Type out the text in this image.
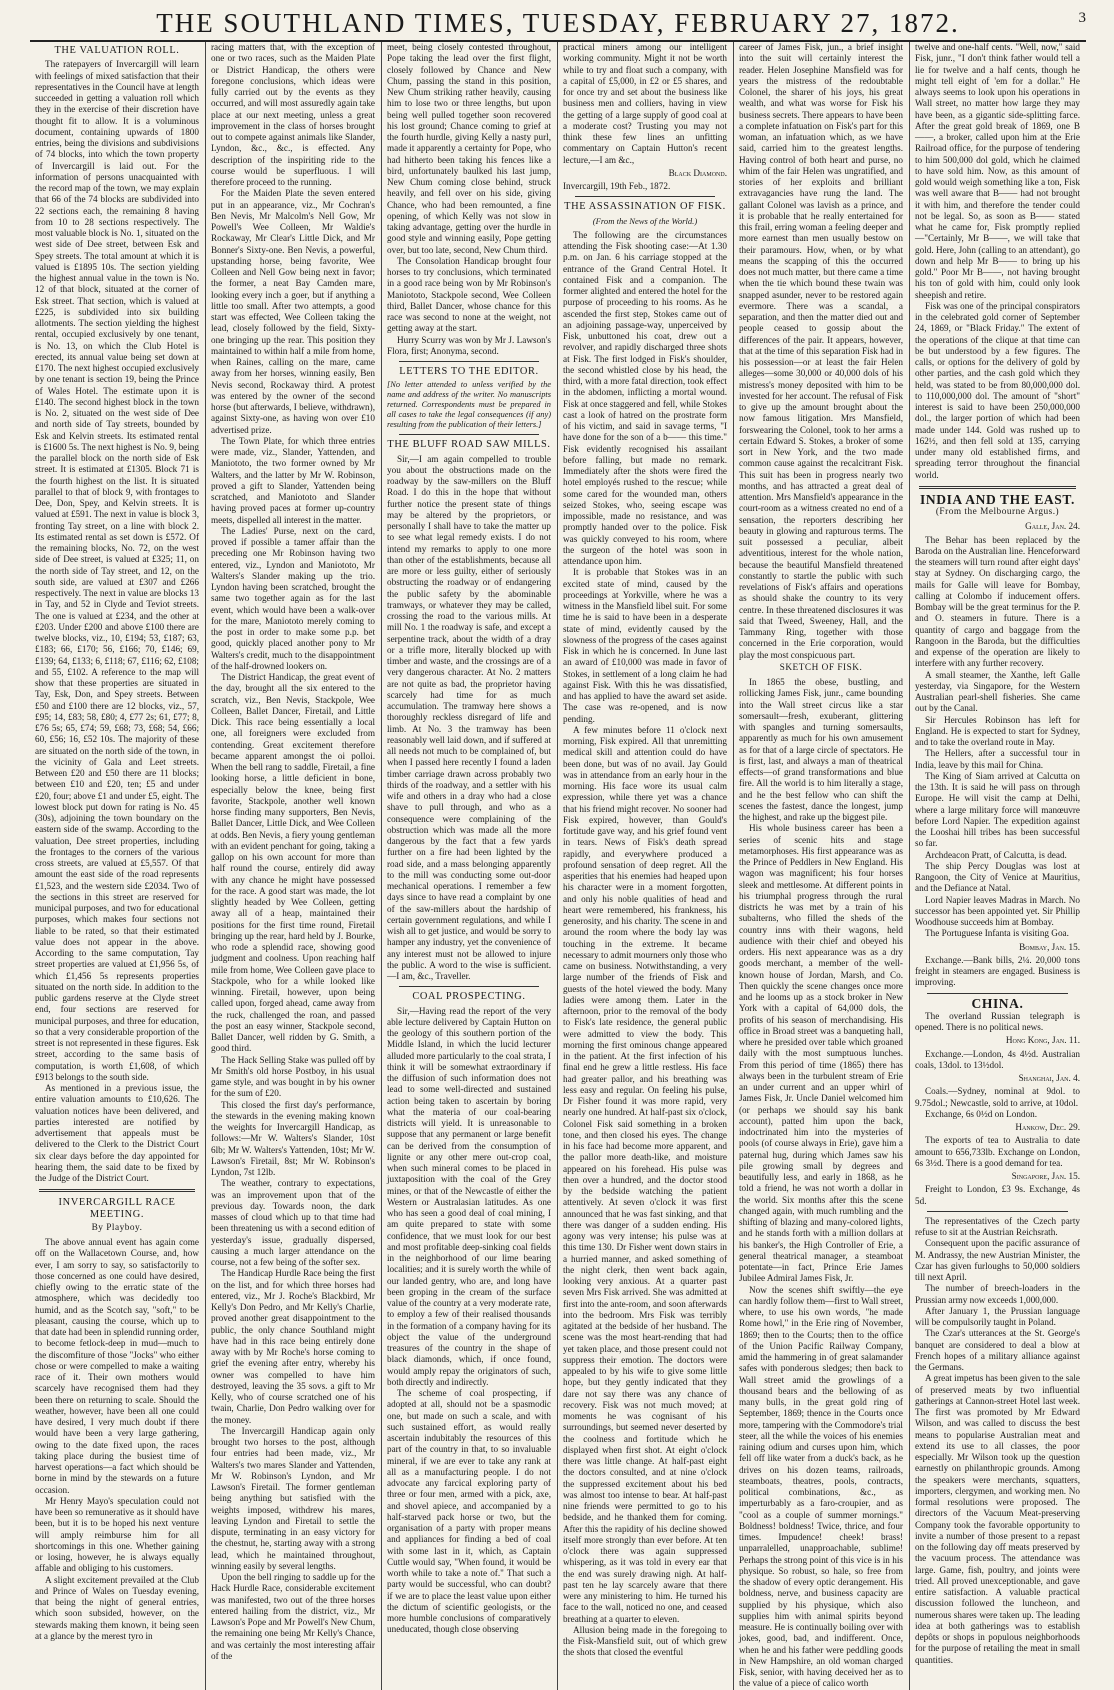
THE SOUTHLAND TIMES, TUESDAY, FEBRUARY 27, 1872.	3
THE VALUATION ROLL.

The ratepayers of Invercargill will learn with feelings of mixed satisfaction that their representatives in the Council have at length succeeded in getting a valuation roll which they in the exercise of their discretion have thought fit to allow. It is a voluminous document, containing upwards of 1800 entries, being the divisions and subdivisions of 74 blocks, into which the town property of Invercargill is laid out. For the information of persons unacquainted with the record map of the town, we may explain that 66 of the 74 blocks are subdivided into 22 sections each, the remaining 8 having from 10 to 28 sections respectively. The most valuable block is No. 1, situated on the west side of Dee street, between Esk and Spey streets. The total amount at which it is valued is £1895 10s. The section yielding the highest annual value in the town is No. 12 of that block, situated at the corner of Esk street. That section, which is valued at £225, is subdivided into six building allotments. The section yielding the highest rental, occupied exclusively by one tenant, is No. 13, on which the Club Hotel is erected, its annual value being set down at £170. The next highest occupied exclusively by one tenant is section 19, being the Prince of Wales Hotel. The estimate upon it is £140. The second highest block in the town is No. 2, situated on the west side of Dee and north side of Tay streets, bounded by Esk and Kelvin streets. Its estimated rental is £1600 5s. The next highest is No. 9, being the parallel block on the north side of Esk street. It is estimated at £1305. Block 71 is the fourth highest on the list. It is situated parallel to that of block 9, with frontages to Dee, Don, Spey, and Kelvin streets. It is valued at £591. The next in value is block 3, fronting Tay street, on a line with block 2. Its estimated rental as set down is £572. Of the remaining blocks, No. 72, on the west side of Dee street, is valued at £325; 11, on the north side of Tay street, and 12, on the south side, are valued at £307 and £266 respectively. The next in value are blocks 13 in Tay, and 52 in Clyde and Teviot streets. The one is valued at £234, and the other at £203. Under £200 and above £100 there are twelve blocks, viz., 10, £194; 53, £187; 63, £183; 66, £170; 56, £166; 70, £146; 69, £139; 64, £133; 6, £118; 67, £116; 62, £108; and 55, £102. A reference to the map will show that these properties are situated in Tay, Esk, Don, and Spey streets. Between £50 and £100 there are 12 blocks, viz., 57, £95; 14, £83; 58, £80; 4, £77 2s; 61, £77; 8, £76 5s; 65, £74; 59, £68; 73, £68; 54, £66; 60, £56; 16, £52 10s. The majority of these are situated on the north side of the town, in the vicinity of Gala and Leet streets. Between £20 and £50 there are 11 blocks; between £10 and £20, ten; £5 and under £20, four; above £1 and under £5, eight. The lowest block put down for rating is No. 45 (30s), adjoining the town boundary on the eastern side of the swamp. According to the valuation, Dee street properties, including the frontages to the corners of the various cross streets, are valued at £5,557. Of that amount the east side of the road represents £1,523, and the western side £2034. Two of the sections in this street are reserved for municipal purposes, and two for educational purposes, which makes four sections not liable to be rated, so that their estimated value does not appear in the above. According to the same computation, Tay street properties are valued at £1,956 5s, of which £1,456 5s represents properties situated on the north side. In addition to the public gardens reserve at the Clyde street end, four sections are reserved for municipal purposes, and three for education, so that a very considerable proportion of the street is not represented in these figures. Esk street, according to the same basis of computation, is worth £1,608, of which £913 belongs to the south side.

As mentioned in a previous issue, the entire valuation amounts to £10,626. The valuation notices have been delivered, and parties interested are notified by advertisement that appeals must be delivered to the Clerk to the District Court six clear days before the day appointed for hearing them, the said date to be fixed by the Judge of the District Court.

INVERCARGILL RACE MEETING.
By Playboy.

The above annual event has again come off on the Wallacetown Course, and, how ever, I am sorry to say, so satisfactorily to those concerned as one could have desired, chiefly owing to the erratic state of the atmosphere, which was decidedly too humid, and as the Scotch say, "soft," to be pleasant, causing the course, which up to that date had been in splendid running order, to become fetlock-deep in mud—much to the discomfiture of those "Jocks" who either chose or were compelled to make a waiting race of it. Their own mothers would scarcely have recognised them had they been there on returning to scale. Should the weather, however, have been all one could have desired, I very much doubt if there would have been a very large gathering, owing to the date fixed upon, the races taking place during the busiest time of harvest operations—a fact which should be borne in mind by the stewards on a future occasion.

Mr Henry Mayo's speculation could not have been so remunerative as it should have been, but it is to be hoped his next venture will amply reimburse him for all shortcomings in this one. Whether gaining or losing, however, he is always equally affable and obliging to his customers.

A slight excitement prevailed at the Club and Prince of Wales on Tuesday evening, that being the night of general entries, which soon subsided, however, on the stewards making them known, it being seen at a glance by the merest tyro in

racing matters that, with the exception of one or two races, such as the Maiden Plate or District Handicap, the others were foregone conclusions, which ideas were fully carried out by the events as they occurred, and will most assuredly again take place at our next meeting, unless a great improvement in the class of horses brought out to compete against animals like Slander, Lyndon, &c., &c., is effected. Any description of the inspiriting ride to the course would be superfluous. I will therefore proceed to the running.

For the Maiden Plate the seven entered put in an appearance, viz., Mr Cochran's Ben Nevis, Mr Malcolm's Nell Gow, Mr Powell's Wee Colleen, Mr Waldie's Rockaway, Mr Clear's Little Dick, and Mr Bonner's Sixty-one. Ben Nevis, a powerful, upstanding horse, being favorite, Wee Colleen and Nell Gow being next in favor; the former, a neat Bay Camden mare, looking every inch a goer, but if anything a little too small. After two attempts, a good start was effected, Wee Colleen taking the lead, closely followed by the field, Sixty-one bringing up the rear. This position they maintained to within half a mile from home, when Raines, calling on the mare, came away from her horses, winning easily, Ben Nevis second, Rockaway third. A protest was entered by the owner of the second horse (but afterwards, I believe, withdrawn), against Sixty-one, as having won over £10 advertised prize.

The Town Plate, for which three entries were made, viz., Slander, Yattenden, and Maniototo, the two former owned by Mr Walters, and the latter by Mr W. Robinson, proved a gift to Slander, Yattenden being scratched, and Maniototo and Slander having proved paces at former up-country meets, dispelled all interest in the matter.

The Ladies' Purse, next on the card, proved if possible a tamer affair than the preceding one Mr Robinson having two entered, viz., Lyndon and Maniototo, Mr Walters's Slander making up the trio. Lyndon having been scratched, brought the same two together again as for the last event, which would have been a walk-over for the mare, Maniototo merely coming to the post in order to make some p.p. bet good, quickly placed another pony to Mr Walters's credit, much to the disappointment of the half-drowned lookers on.

The District Handicap, the great event of the day, brought all the six entered to the scratch, viz., Ben Nevis, Stackpole, Wee Colleen, Ballet Dancer, Firetail, and Little Dick. This race being essentially a local one, all foreigners were excluded from contending. Great excitement therefore became apparent amongst the oi polloi. When the bell rang to saddle, Firetail, a fine looking horse, a little deficient in bone, especially below the knee, being first favorite, Stackpole, another well known horse finding many supporters, Ben Nevis, Ballet Dancer, Little Dick, and Wee Colleen at odds. Ben Nevis, a fiery young gentleman with an evident penchant for going, taking a gallop on his own account for more than half round the course, entirely did away with any chance he might have possessed for the race. A good start was made, the lot slightly headed by Wee Colleen, getting away all of a heap, maintained their positions for the first time round, Firetail bringing up the rear, hard held by J. Bourke, who rode a splendid race, showing good judgment and coolness. Upon reaching half mile from home, Wee Colleen gave place to Stackpole, who for a while looked like winning. Firetail, however, upon being called upon, forged ahead, came away from the ruck, challenged the roan, and passed the post an easy winner, Stackpole second, Ballet Dancer, well ridden by G. Smith, a good third.

The Hack Selling Stake was pulled off by Mr Smith's old horse Postboy, in his usual game style, and was bought in by his owner for the sum of £20.

This closed the first day's performance, the stewards in the evening making known the weights for Invercargill Handicap, as follows:—Mr W. Walters's Slander, 10st 6lb; Mr W. Walters's Yattenden, 10st; Mr W. Lawson's Firetail, 8st; Mr W. Robinson's Lyndon, 7st 12lb.

The weather, contrary to expectations, was an improvement upon that of the previous day. Towards noon, the dark masses of cloud which up to that time had been threatening us with a second edition of yesterday's issue, gradually dispersed, causing a much larger attendance on the course, not a few being of the softer sex.

The Handicap Hurdle Race being the first on the list, and for which three horses had entered, viz., Mr J. Roche's Blackbird, Mr Kelly's Don Pedro, and Mr Kelly's Charlie, proved another great disappointment to the public, the only chance Southland might have had in this race being entirely done away with by Mr Roche's horse coming to grief the evening after entry, whereby his owner was compelled to have him destroyed, leaving the 35 sovs. a gift to Mr Kelly, who of course scratched one of his twain, Charlie, Don Pedro walking over for the money.

The Invercargill Handicap again only brought two horses to the post, although four entries had been made, viz., Mr Walters's two mares Slander and Yattenden, Mr W. Robinson's Lyndon, and Mr Lawson's Firetail. The former gentleman being anything but satisfied with the weights imposed, withdrew his mares, leaving Lyndon and Firetail to settle the dispute, terminating in an easy victory for the chestnut, he, starting away with a strong lead, which he maintained throughout, winning easily by several lengths.

Upon the bell ringing to saddle up for the Hack Hurdle Race, considerable excitement was manifested, two out of the three horses entered hailing from the district, viz., Mr Lawson's Pope and Mr Powell's New Chum, the remaining one being Mr Kelly's Chance, and was certainly the most interesting affair of the

meet, being closely contested throughout, Pope taking the lead over the first flight, closely followed by Chance and New Chum, passing the stand in this position, New Chum striking rather heavily, causing him to lose two or three lengths, but upon being well pulled together soon recovered his lost ground; Chance coming to grief at the fourth hurdle, giving Kelly a nasty purl, made it apparently a certainty for Pope, who had hitherto been taking his fences like a bird, unfortunately baulked his last jump, New Chum coming close behind, struck heavily, and fell over on his side, giving Chance, who had been remounted, a fine opening, of which Kelly was not slow in taking advantage, getting over the hurdle in good style and winning easily, Pope getting over, but too late, second, New Chum third.

The Consolation Handicap brought four horses to try conclusions, which terminated in a good race being won by Mr Robinson's Maniototo, Stackpole second, Wee Colleen third, Ballet Dancer, whose chance for this race was second to none at the weight, not getting away at the start.

Hurry Scurry was won by Mr J. Lawson's Flora, first; Anonyma, second.

LETTERS TO THE EDITOR.
[No letter attended to unless verified by the name and address of the writer. No manuscripts returned. Correspondents must be prepared in all cases to take the legal consequences (if any) resulting from the publication of their letters.]
THE BLUFF ROAD SAW MILLS.

Sir,—I am again compelled to trouble you about the obstructions made on the roadway by the saw-millers on the Bluff Road. I do this in the hope that without further notice the present state of things may be altered by the proprietors, or personally I shall have to take the matter up to see what legal remedy exists. I do not intend my remarks to apply to one more than other of the establishments, because all are more or less guilty, either of seriously obstructing the roadway or of endangering the public safety by the abominable tramways, or whatever they may be called, crossing the road to the various mills. At mill No. 1 the roadway is safe, and except a serpentine track, about the width of a dray or a trifle more, literally blocked up with timber and waste, and the crossings are of a very dangerous character. At No. 2 matters are not quite as bad, the proprietor having scarcely had time for as much accumulation. The tramway here shows a thoroughly reckless disregard of life and limb. At No. 3 the tramway has been reasonably well laid down, and if suffered at all needs not much to be complained of, but when I passed here recently I found a laden timber carriage drawn across probably two thirds of the roadway, and a settler with his wife and others in a dray who had a close shave to pull through, and who as a consequence were complaining of the obstruction which was made all the more dangerous by the fact that a few yards further on a fire had been lighted by the road side, and a mass belonging apparently to the mill was conducting some out-door mechanical operations. I remember a few days since to have read a complaint by one of the saw-millers about the hardship of certain government regulations, and while I wish all to get justice, and would be sorry to hamper any industry, yet the convenience of any interest must not be allowed to injure the public. A word to the wise is sufficient.—I am, &c., Traveller.

COAL PROSPECTING.

Sir,—Having read the report of the very able lecture delivered by Captain Hutton on the geology of this southern portion of the Middle Island, in which the lucid lecturer alluded more particularly to the coal strata, I think it will be somewhat extraordinary if the diffusion of such information does not lead to some well-directed and sustained action being taken to ascertain by boring what the materia of our coal-bearing districts will yield. It is unreasonable to suppose that any permanent or large benefit can be derived from the consumption of lignite or any other mere out-crop coal, when such mineral comes to be placed in juxtaposition with the coal of the Grey mines, or that of the Newcastle of either the Western or Australasian latitudes. As one who has seen a good deal of coal mining, I am quite prepared to state with some confidence, that we must look for our best and most profitable deep-sinking coal fields in the neighborhood of our lime bearing localities; and it is surely worth the while of our landed gentry, who are, and long have been groping in the cream of the surface value of the country at a very moderate rate, to employ a few of their realised thousands in the formation of a company having for its object the value of the underground treasures of the country in the shape of black diamonds, which, if once found, would amply repay the originators of such, both directly and indirectly.

The scheme of coal prospecting, if adopted at all, should not be a spasmodic one, but made on such a scale, and with such sustained effort, as would really ascertain indubitably the resources of this part of the country in that, to so invaluable mineral, if we are ever to take any rank at all as a manufacturing people. I do not advocate any farcical exploring party of three or four men, armed with a pick, axe, and shovel apiece, and accompanied by a half-starved pack horse or two, but the organisation of a party with proper means and appliances for finding a bed of coal with some last in it, which, as Captain Cuttle would say, "When found, it would be worth while to take a note of." That such a party would be successful, who can doubt? if we are to place the least value upon either the dictum of scientific geologists, or the more humble conclusions of comparatively uneducated, though close observing

practical miners among our intelligent working community. Might it not be worth while to try and float such a company, with a capital of £5,000, in £2 or £5 shares, and for once try and set about the business like business men and colliers, having in view the getting of a large supply of good coal at a moderate cost? Trusting you may not think these few lines an unfitting commentary on Captain Hutton's recent lecture,—I am &c.,

Black Diamond.

Invercargill, 19th Feb., 1872.

THE ASSASSINATION OF FISK.
(From the News of the World.)

The following are the circumstances attending the Fisk shooting case:—At 1.30 p.m. on Jan. 6 his carriage stopped at the entrance of the Grand Central Hotel. It contained Fisk and a companion. The former alighted and entered the hotel for the purpose of proceeding to his rooms. As he ascended the first step, Stokes came out of an adjoining passage-way, unperceived by Fisk, unbuttoned his coat, drew out a revolver, and rapidly discharged three shots at Fisk. The first lodged in Fisk's shoulder, the second whistled close by his head, the third, with a more fatal direction, took effect in the abdomen, inflicting a mortal wound. Fisk at once staggered and fell, while Stokes cast a look of hatred on the prostrate form of his victim, and said in savage terms, "I have done for the son of a b—— this time." Fisk evidently recognised his assailant before falling, but made no remark. Immediately after the shots were fired the hotel employés rushed to the rescue; while some cared for the wounded man, others seized Stokes, who, seeing escape was impossible, made no resistance, and was promptly handed over to the police. Fisk was quickly conveyed to his room, where the surgeon of the hotel was soon in attendance upon him.

It is probable that Stokes was in an excited state of mind, caused by the proceedings at Yorkville, where he was a witness in the Mansfield libel suit. For some time he is said to have been in a desperate state of mind, evidently caused by the slowness of the progress of the cases against Fisk in which he is concerned. In June last an award of £10,000 was made in favor of Stokes, in settlement of a long claim he had against Fisk. With this he was dissatisfied, and has applied to have the award set aside. The case was re-opened, and is now pending.

A few minutes before 11 o'clock next morning, Fisk expired. All that unremitting medical skill and attention could do have been done, but was of no avail. Jay Gould was in attendance from an early hour in the morning. His face wore its usual calm expression, while there yet was a chance that his friend might recover. No sooner had Fisk expired, however, than Gould's fortitude gave way, and his grief found vent in tears. News of Fisk's death spread rapidly, and everywhere produced a profound sensation of deep regret. All the asperities that his enemies had heaped upon his character were in a moment forgotten, and only his noble qualities of head and heart were remembered, his frankness, his generosity, and his charity. The scene in and around the room where the body lay was touching in the extreme. It became necessary to admit mourners only those who came on business. Notwithstanding, a very large number of the friends of Fisk and guests of the hotel viewed the body. Many ladies were among them. Later in the afternoon, prior to the removal of the body to Fisk's late residence, the general public were admitted to view the body. This morning the first ominous change appeared in the patient. At the first infection of his final end he grew a little restless. His face had greater pallor, and his breathing was less easy and regular. On feeling his pulse, Dr Fisher found it was more rapid, very nearly one hundred. At half-past six o'clock, Colonel Fisk said something in a broken tone, and then closed his eyes. The change in his face had become more apparent, and the pallor more death-like, and moisture appeared on his forehead. His pulse was then over a hundred, and the doctor stood by the bedside watching the patient attentively. At seven o'clock it was first announced that he was fast sinking, and that there was danger of a sudden ending. His agony was very intense; his pulse was at this time 130. Dr Fisher went down stairs in a hurried manner, and asked something of the night clerk, then went back again, looking very anxious. At a quarter past seven Mrs Fisk arrived. She was admitted at first into the ante-room, and soon afterwards into the bedroom. Mrs Fisk was terribly agitated at the bedside of her husband. The scene was the most heart-rending that had yet taken place, and those present could not suppress their emotion. The doctors were appealed to by his wife to give some little hope, but they gently indicated that they dare not say there was any chance of recovery. Fisk was not much moved; at moments he was cognisant of his surroundings, but seemed never deserted by the coolness and fortitude which he displayed when first shot. At eight o'clock there was little change. At half-past eight the doctors consulted, and at nine o'clock the suppressed excitement about his bed was almost too intense to bear. At half-past nine friends were permitted to go to his bedside, and he thanked them for coming. After this the rapidity of his decline showed itself more strongly than ever before. At ten o'clock there was again suppressed whispering, as it was told in every ear that the end was surely drawing nigh. At half-past ten he lay scarcely aware that there were any ministering to him. He turned his face to the wall, noticed no one, and ceased breathing at a quarter to eleven.

Allusion being made in the foregoing to the Fisk-Mansfield suit, out of which grew the shots that closed the eventful

career of James Fisk, jun., a brief insight into the suit will certainly interest the reader. Helen Josephine Mansfield was for years the mistress of the redoubtable Colonel, the sharer of his joys, his great wealth, and what was worse for Fisk his business secrets. There appears to have been a complete infatuation on Fisk's part for this woman, an infatuation which, as we have said, carried him to the greatest lengths. Having control of both heart and purse, no whim of the fair Helen was ungratified, and stories of her exploits and brilliant extravagancies have rung the land. The gallant Colonel was lavish as a prince, and it is probable that he really entertained for this frail, erring woman a feeling deeper and more earnest than men usually bestow on their paramours. How, when, or by what means the scapping of this the occurred does not much matter, but there came a time when the tie which bound these twain was snapped asunder, never to be restored again evermore. There was a scandal, a separation, and then the matter died out and people ceased to gossip about the differences of the pair. It appears, however, that at the time of this separation Fisk had in his possession—or at least the fair Helen alleges—some 30,000 or 40,000 dols of his mistress's money deposited with him to be invested for her account. The refusal of Fisk to give up the amount brought about the now famous litigation. Mrs Mansfield, forswearing the Colonel, took to her arms a certain Edward S. Stokes, a broker of some sort in New York, and the two made common cause against the recalcitrant Fisk. This suit has been in progress nearly two months, and has attracted a great deal of attention. Mrs Mansfield's appearance in the court-room as a witness created no end of a sensation, the reporters describing her beauty in glowing and rapturous terms. The suit possessed a peculiar, albeit adventitious, interest for the whole nation, because the beautiful Mansfield threatened constantly to startle the public with such revelations of Fisk's affairs and operations as should shake the country to its very centre. In these threatened disclosures it was said that Tweed, Sweeney, Hall, and the Tammany Ring, together with those concerned in the Erie corporation, would play the most conspicuous part.

SKETCH OF FISK.

In 1865 the obese, bustling, and rollicking James Fisk, junr., came bounding into the Wall street circus like a star somersault—fresh, exuberant, glittering with spangles and turning somersaults, apparently as much for his own amusement as for that of a large circle of spectators. He is first, last, and always a man of theatrical effects—of grand transformations and blue fire. All the world is to him literally a stage, and he the best fellow who can shift the scenes the fastest, dance the longest, jump the highest, and rake up the biggest pile.

His whole business career has been a series of scenic hits and stage metamorphoses. His first appearance was as the Prince of Peddlers in New England. His wagon was magnificent; his four horses sleek and mettlesome. At different points in his triumphal progress through the rural districts he was met by a train of his subalterns, who filled the sheds of the country inns with their wagons, held audience with their chief and obeyed his orders. His next appearance was as a dry goods merchant, a member of the well-known house of Jordan, Marsh, and Co. Then quickly the scene changes once more and he looms up as a stock broker in New York with a capital of 64,000 dols, the profits of his season of merchandising. His office in Broad street was a banqueting hall, where he presided over table which groaned daily with the most sumptuous lunches. From this period of time (1865) there has always been in the turbulent stream of Erie an under current and an upper whirl of James Fisk, Jr. Uncle Daniel welcomed him (or perhaps we should say his bank account), patted him upon the back, indoctrinated him into the mysteries of pools (of course always in Erie), gave him a paternal hug, during which James saw his pile growing small by degrees and beautifully less, and early in 1868, as he told a friend, he was not worth a dollar in the world. Six months after this the scene changed again, with much rumbling and the shifting of blazing and many-colored lights, and he stands forth with a million dollars at his banker's, the High Controller of Erie, a general theatrical manager, a steamboat potentate—in fact, Prince Erie James Jubilee Admiral James Fisk, Jr.

Now the scenes shift swiftly—the eye can hardly follow them—first to Wall street, where, to use his own words, "he made Rome howl," in the Erie ring of November, 1869; then to the Courts; then to the office of the Union Pacific Railway Company, amid the hammering in of great salamander safes with ponderous sledges; then back to Wall street amid the growlings of a thousand bears and the bellowing of as many bulls, in the great gold ring of September, 1869; thence in the Courts once more, tampering with the Commodore's trial steer, all the while the voices of his enemies raining odium and curses upon him, which fell off like water from a duck's back, as he drives on his dozen teams, railroads, steamboats, theatres, pools, contracts, political combinations, &c., as imperturbably as a faro-croupier, and as "cool as a couple of summer mornings." Boldness! boldness! Twice, thrice, and four times. Impudence! cheek! brass! unparralelled, unapproachable, sublime! Perhaps the strong point of this vice is in his physique. So robust, so hale, so free from the shadow of every optic derangement. His boldness, nerve, and business capacity are supplied by his physique, which also supplies him with animal spirits beyond measure. He is continually boiling over with jokes, good, bad, and indifferent. Once, when he and his father were peddling goods in New Hampshire, an old woman charged Fisk, senior, with having deceived her as to the value of a piece of calico worth

twelve and one-half cents. "Well, now," said Fisk, junr., "I don't think father would tell a lie for twelve and a half cents, though he might tell eight of 'em for a dollar." He always seems to look upon his operations in Wall street, no matter how large they may have been, as a gigantic side-splitting farce. After the great gold break of 1869, one B——, a broker, called upon him at the Erie Railroad office, for the purpose of tendering to him 500,000 dol gold, which he claimed to have sold him. Now, as this amount of gold would weigh something like a ton, Fisk was well aware that B—— had not brought it with him, and therefore the tender could not be legal. So, as soon as B—— stated what he came for, Fisk promptly replied—"Certainly, Mr B——, we will take that gold. Here, John (calling to an attendant), go down and help Mr B—— to bring up his gold." Poor Mr B——, not having brought his ton of gold with him, could only look sheepish and retire.

Fisk was one of the principal conspirators in the celebrated gold corner of September 24, 1869, or "Black Friday." The extent of the operations of the clique at that time can be but understood by a few figures. The calls, or options for the delivery of gold by other parties, and the cash gold which they held, was stated to be from 80,000,000 dol. to 110,000,000 dol. The amount of "short" interest is said to have been 250,000,000 dol., the larger portion of which had been made under 144. Gold was rushed up to 162½, and then fell sold at 135, carrying under many old established firms, and spreading terror throughout the financial world.

INDIA AND THE EAST.
(From the Melbourne Argus.)
Galle, Jan. 24.

The Behar has been replaced by the Baroda on the Australian line. Henceforward the steamers will turn round after eight days' stay at Sydney. On discharging cargo, the mails for Galle will leave for Bombay, calling at Colombo if inducement offers. Bombay will be the great terminus for the P. and O. steamers in future. There is a quantity of cargo and baggage from the Rangoon in the Baroda, but the difficulties and expense of the operation are likely to interfere with any further recovery.

A small steamer, the Xanthe, left Galle yesterday, via Singapore, for the Western Australian pearl-shell fisheries. She came out by the Canal.

Sir Hercules Robinson has left for England. He is expected to start for Sydney, and to take the overland route in May.

The Hellers, after a successful tour in India, leave by this mail for China.

The King of Siam arrived at Calcutta on the 13th. It is said he will pass on through Europe. He will visit the camp at Delhi, where a large military force will manœuvre before Lord Napier. The expedition against the Looshai hill tribes has been successful so far.

Archdeacon Pratt, of Calcutta, is dead.

The ship Percy Douglas was lost at Rangoon, the City of Venice at Mauritius, and the Defiance at Natal.

Lord Napier leaves Madras in March. No successor has been appointed yet. Sir Phillip Woodhouse succeeds him at Bombay.

The Portuguese Infanta is visiting Goa.

Bombay, Jan. 15.

Exchange.—Bank bills, 2¼. 20,000 tons freight in steamers are engaged. Business is improving.

CHINA.

The overland Russian telegraph is opened. There is no political news.

Hong Kong, Jan. 11.

Exchange.—London, 4s 4½d. Australian coals, 13dol. to 13½dol.

Shanghai, Jan. 4.

Coals.—Sydney, nominal at 9dol. to 9.75dol.; Newcastle, sold to arrive, at 10dol.

Exchange, 6s 0½d on London.

Hankow, Dec. 29.

The exports of tea to Australia to date amount to 656,733lb. Exchange on London, 6s 3½d. There is a good demand for tea.

Singapore, Jan. 15.

Freight to London, £3 9s. Exchange, 4s 5d.

The representatives of the Czech party refuse to sit at the Austrian Reichsrath.

Consequent upon the pacific assurance of M. Andrassy, the new Austrian Minister, the Czar has given furloughs to 50,000 soldiers till next April.

The number of breech-loaders in the Prussian army now exceeds 1,000,000.

After January 1, the Prussian language will be compulsorily taught in Poland.

The Czar's utterances at the St. George's banquet are considered to deal a blow at French hopes of a military alliance against the Germans.

A great impetus has been given to the sale of preserved meats by two influential gatherings at Cannon-street Hotel last week. The first was promoted by Mr Edward Wilson, and was called to discuss the best means to popularise Australian meat and extend its use to all classes, the poor especially. Mr Wilson took up the question earnestly on philanthropic grounds. Among the speakers were merchants, squatters, importers, clergymen, and working men. No formal resolutions were proposed. The directors of the Vacuum Meat-preserving Company took the favorable opportunity to invite a number of those present to a repast on the following day off meats preserved by the vacuum process. The attendance was large. Game, fish, poultry, and joints were tried. All proved unexceptionable, and gave entire satisfaction. A valuable practical discussion followed the luncheon, and numerous shares were taken up. The leading idea at both gatherings was to establish depôts or shops in populous neighborhoods for the purpose of retailing the meat in small quantities.
